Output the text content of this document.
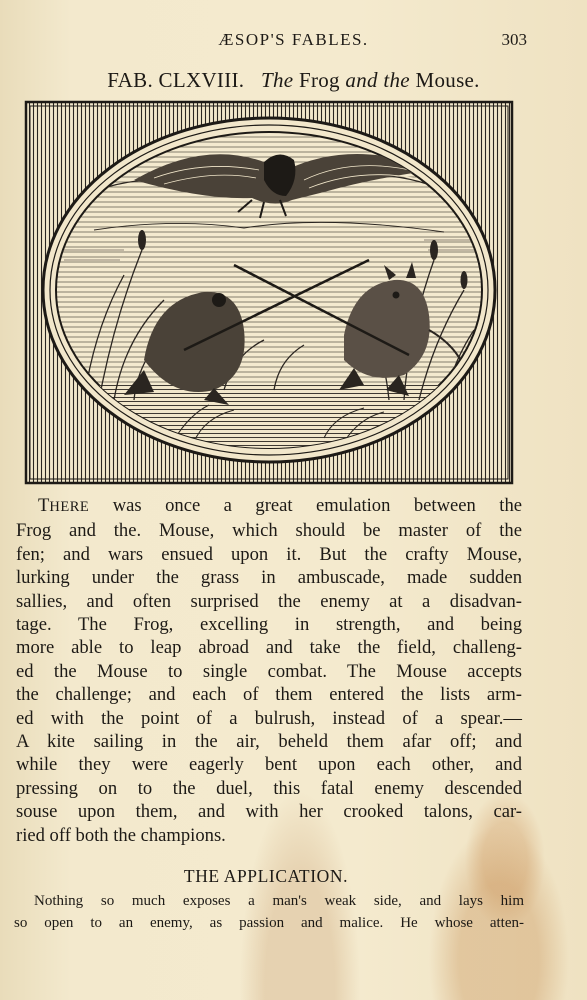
ÆSOP'S FABLES.	303
FAB. CLXVIII. The Frog and the Mouse.
THERE was once a great emulation between the
Frog and the. Mouse, which should be master of the
fen; and wars ensued upon it. But the crafty Mouse,
lurking under the grass in ambuscade, made sudden
sallies, and often surprised the enemy at a disadvan-
tage. The Frog, excelling in strength, and being
more able to leap abroad and take the field, challeng-
ed the Mouse to single combat. The Mouse accepts
the challenge; and each of them entered the lists arm-
ed with the point of a bulrush, instead of a spear.—
A kite sailing in the air, beheld them afar off; and
while they were eagerly bent upon each other, and
pressing on to the duel, this fatal enemy descended
souse upon them, and with her crooked talons, car-
ried off both the champions.
THE APPLICATION.
Nothing so much exposes a man's weak side, and lays him
so open to an enemy, as passion and malice. He whose atten-
